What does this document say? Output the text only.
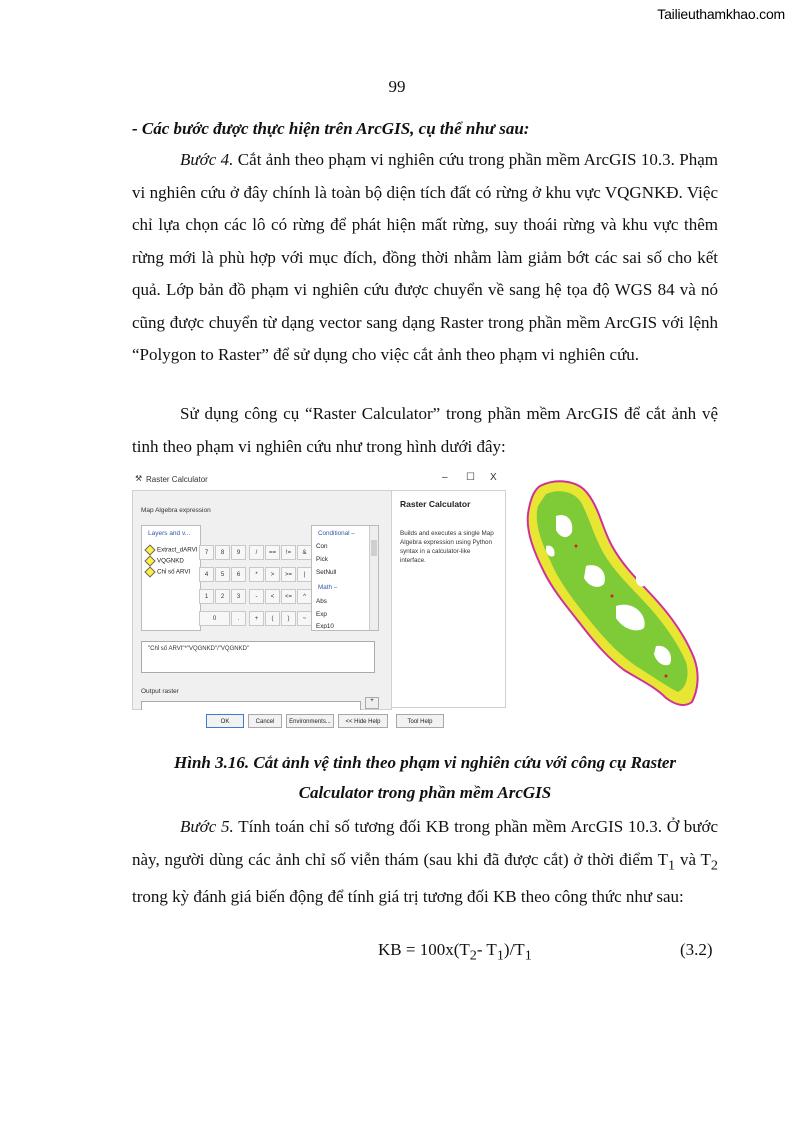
Tailieuthamkhao.com
99
- Các bước được thực hiện trên ArcGIS, cụ thể như sau:
Bước 4. Cắt ảnh theo phạm vi nghiên cứu trong phần mềm ArcGIS 10.3. Phạm vi nghiên cứu ở đây chính là toàn bộ diện tích đất có rừng ở khu vực VQGNKĐ. Việc chỉ lựa chọn các lô có rừng để phát hiện mất rừng, suy thoái rừng và khu vực thêm rừng mới là phù hợp với mục đích, đồng thời nhằm làm giảm bớt các sai số cho kết quả. Lớp bản đồ phạm vi nghiên cứu được chuyển về sang hệ tọa độ WGS 84 và nó cũng được chuyển từ dạng vector sang dạng Raster trong phần mềm ArcGIS với lệnh “Polygon to Raster” để sử dụng cho việc cắt ảnh theo phạm vi nghiên cứu.
Sử dụng công cụ “Raster Calculator” trong phần mềm ArcGIS để cắt ảnh vệ tinh theo phạm vi nghiên cứu như trong hình dưới đây:
⚒ Raster Calculator	– ☐ X
Map Algebra expression
Layers and v...
Extract_dARVI
VQGNKD
Chỉ số ARVI
7	8	9	/	==	!=	&
4	5	6	*	>	>=	|
1	2	3	-	<	<=	^
0	.	+	(	)	~
Conditional –
Con
Pick
SetNull
Math –
Abs
Exp
Exp10
"Chỉ số ARVI"*"VQGNKD"/"VQGNKD"
Output raster
+
Raster Calculator
Builds and executes a single Map Algebra expression using Python syntax in a calculator-like interface.
OK	Cancel	Environments...	<< Hide Help	Tool Help
Hình 3.16. Cắt ảnh vệ tinh theo phạm vi nghiên cứu với công cụ Raster
Calculator trong phần mềm ArcGIS
Bước 5. Tính toán chỉ số tương đối KB trong phần mềm ArcGIS 10.3. Ở bước này, người dùng các ảnh chỉ số viễn thám (sau khi đã được cắt) ở thời điểm $T_1$ và $T_2$ trong kỳ đánh giá biến động để tính giá trị tương đối KB theo công thức như sau:
KB = $100x(T_2-$ $T_1)/T_1$	(3.2)
